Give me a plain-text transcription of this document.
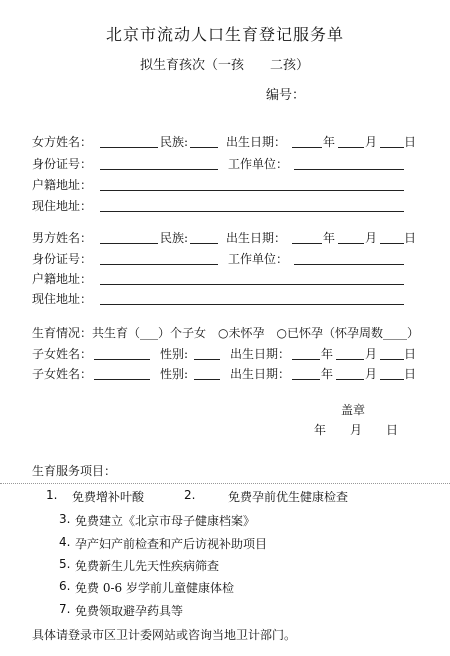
北京市流动人口生育登记服务单
拟生育孩次（一孩　　二孩）
编号：
女方姓名：	民族:	出生日期：	年 月 日
身份证号：	工作单位：
户籍地址：
现住地址：
男方姓名：	民族:	出生日期：	年 月 日
身份证号：	工作单位：
户籍地址：
现住地址：
生育情况：共生育（___）个子女　○未怀孕　○已怀孕（怀孕周数____）
子女姓名：	性别:	出生日期：	年	月 日
子女姓名：	性别:	出生日期：	年	月 日
盖章
年　　月　　日
生育服务项目：
1. 免费增补叶酸	2.	免费孕前优生健康检查
3. 免费建立《北京市母子健康档案》
4. 孕产妇产前检查和产后访视补助项目
5. 免费新生儿先天性疾病筛查
6. 免费 0-6 岁学前儿童健康体检
7. 免费领取避孕药具等
具体请登录市区卫计委网站或咨询当地卫计部门。
